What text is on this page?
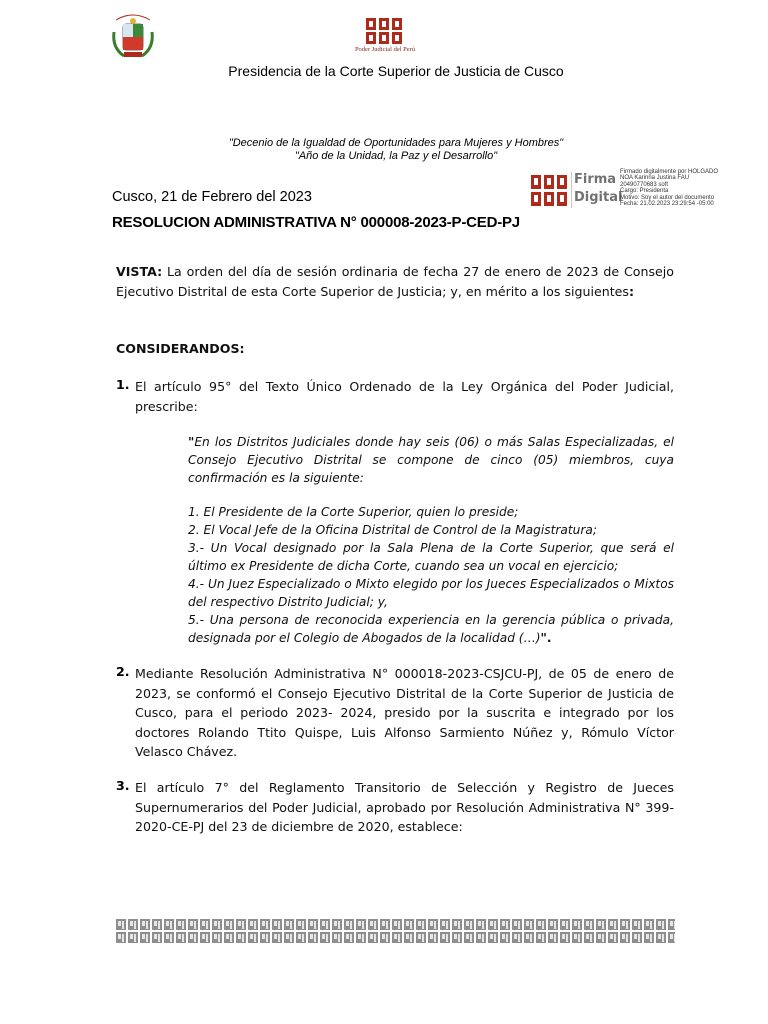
Poder Judicial del Perú
Presidencia de la Corte Superior de Justicia de Cusco
"Decenio de la Igualdad de Oportunidades para Mujeres y Hombres"
"Año de la Unidad, la Paz y el Desarrollo"
Cusco, 21 de Febrero del 2023
RESOLUCION ADMINISTRATIVA N° 000008-2023-P-CED-PJ
Firma
Digital
Firmado digitalmente por HOLGADO
NOA Karinna Justina FAU
20490770683 soft
Cargo: Presidenta
Motivo: Soy el autor del documento
Fecha: 21.02.2023 23:29:54 -05:00
VISTA: La orden del día de sesión ordinaria de fecha 27 de enero de 2023 de Consejo Ejecutivo Distrital de esta Corte Superior de Justicia; y, en mérito a los siguientes:
CONSIDERANDOS:
1. El artículo 95° del Texto Único Ordenado de la Ley Orgánica del Poder Judicial, prescribe:
"En los Distritos Judiciales donde hay seis (06) o más Salas Especializadas, el Consejo Ejecutivo Distrital se compone de cinco (05) miembros, cuya confirmación es la siguiente:
1. El Presidente de la Corte Superior, quien lo preside;
2. El Vocal Jefe de la Oficina Distrital de Control de la Magistratura;
3.- Un Vocal designado por la Sala Plena de la Corte Superior, que será el último ex Presidente de dicha Corte, cuando sea un vocal en ejercicio;
4.- Un Juez Especializado o Mixto elegido por los Jueces Especializados o Mixtos del respectivo Distrito Judicial; y,
5.- Una persona de reconocida experiencia en la gerencia pública o privada, designada por el Colegio de Abogados de la localidad (…)".
2. Mediante Resolución Administrativa N° 000018-2023-CSJCU-PJ, de 05 de enero de 2023, se conformó el Consejo Ejecutivo Distrital de la Corte Superior de Justicia de Cusco, para el periodo 2023- 2024, presido por la suscrita e integrado por los doctores Rolando Ttito Quispe, Luis Alfonso Sarmiento Núñez y, Rómulo Víctor Velasco Chávez.
3. El artículo 7° del Reglamento Transitorio de Selección y Registro de Jueces Supernumerarios del Poder Judicial, aprobado por Resolución Administrativa N° 399-2020-CE-PJ del 23 de diciembre de 2020, establece:
